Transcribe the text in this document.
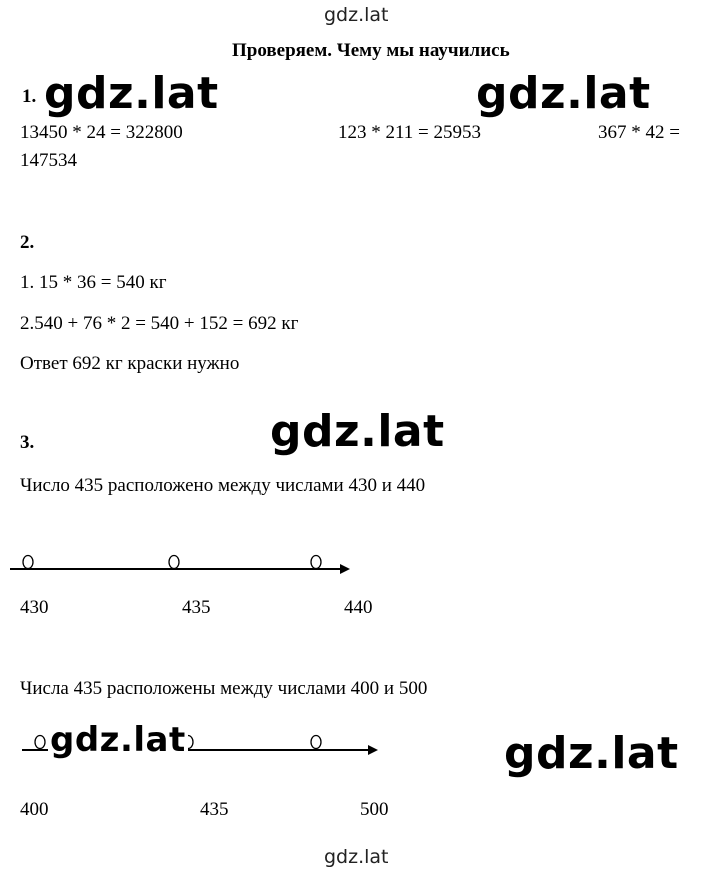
gdz.lat
Проверяем. Чему мы научились
1. gdz.lat	gdz.lat
13450 * 24 = 322800	123 * 211 = 25953	367 * 42 =
147534
2.
1. 15 * 36 = 540 кг
2.540 + 76 * 2 = 540 + 152 = 692 кг
Ответ 692 кг краски нужно
3.	gdz.lat
Число 435 расположено между числами 430 и 440
430	435	440
Числа 435 расположены между числами 400 и 500
gdz.lat	gdz.lat
400	435	500
gdz.lat
